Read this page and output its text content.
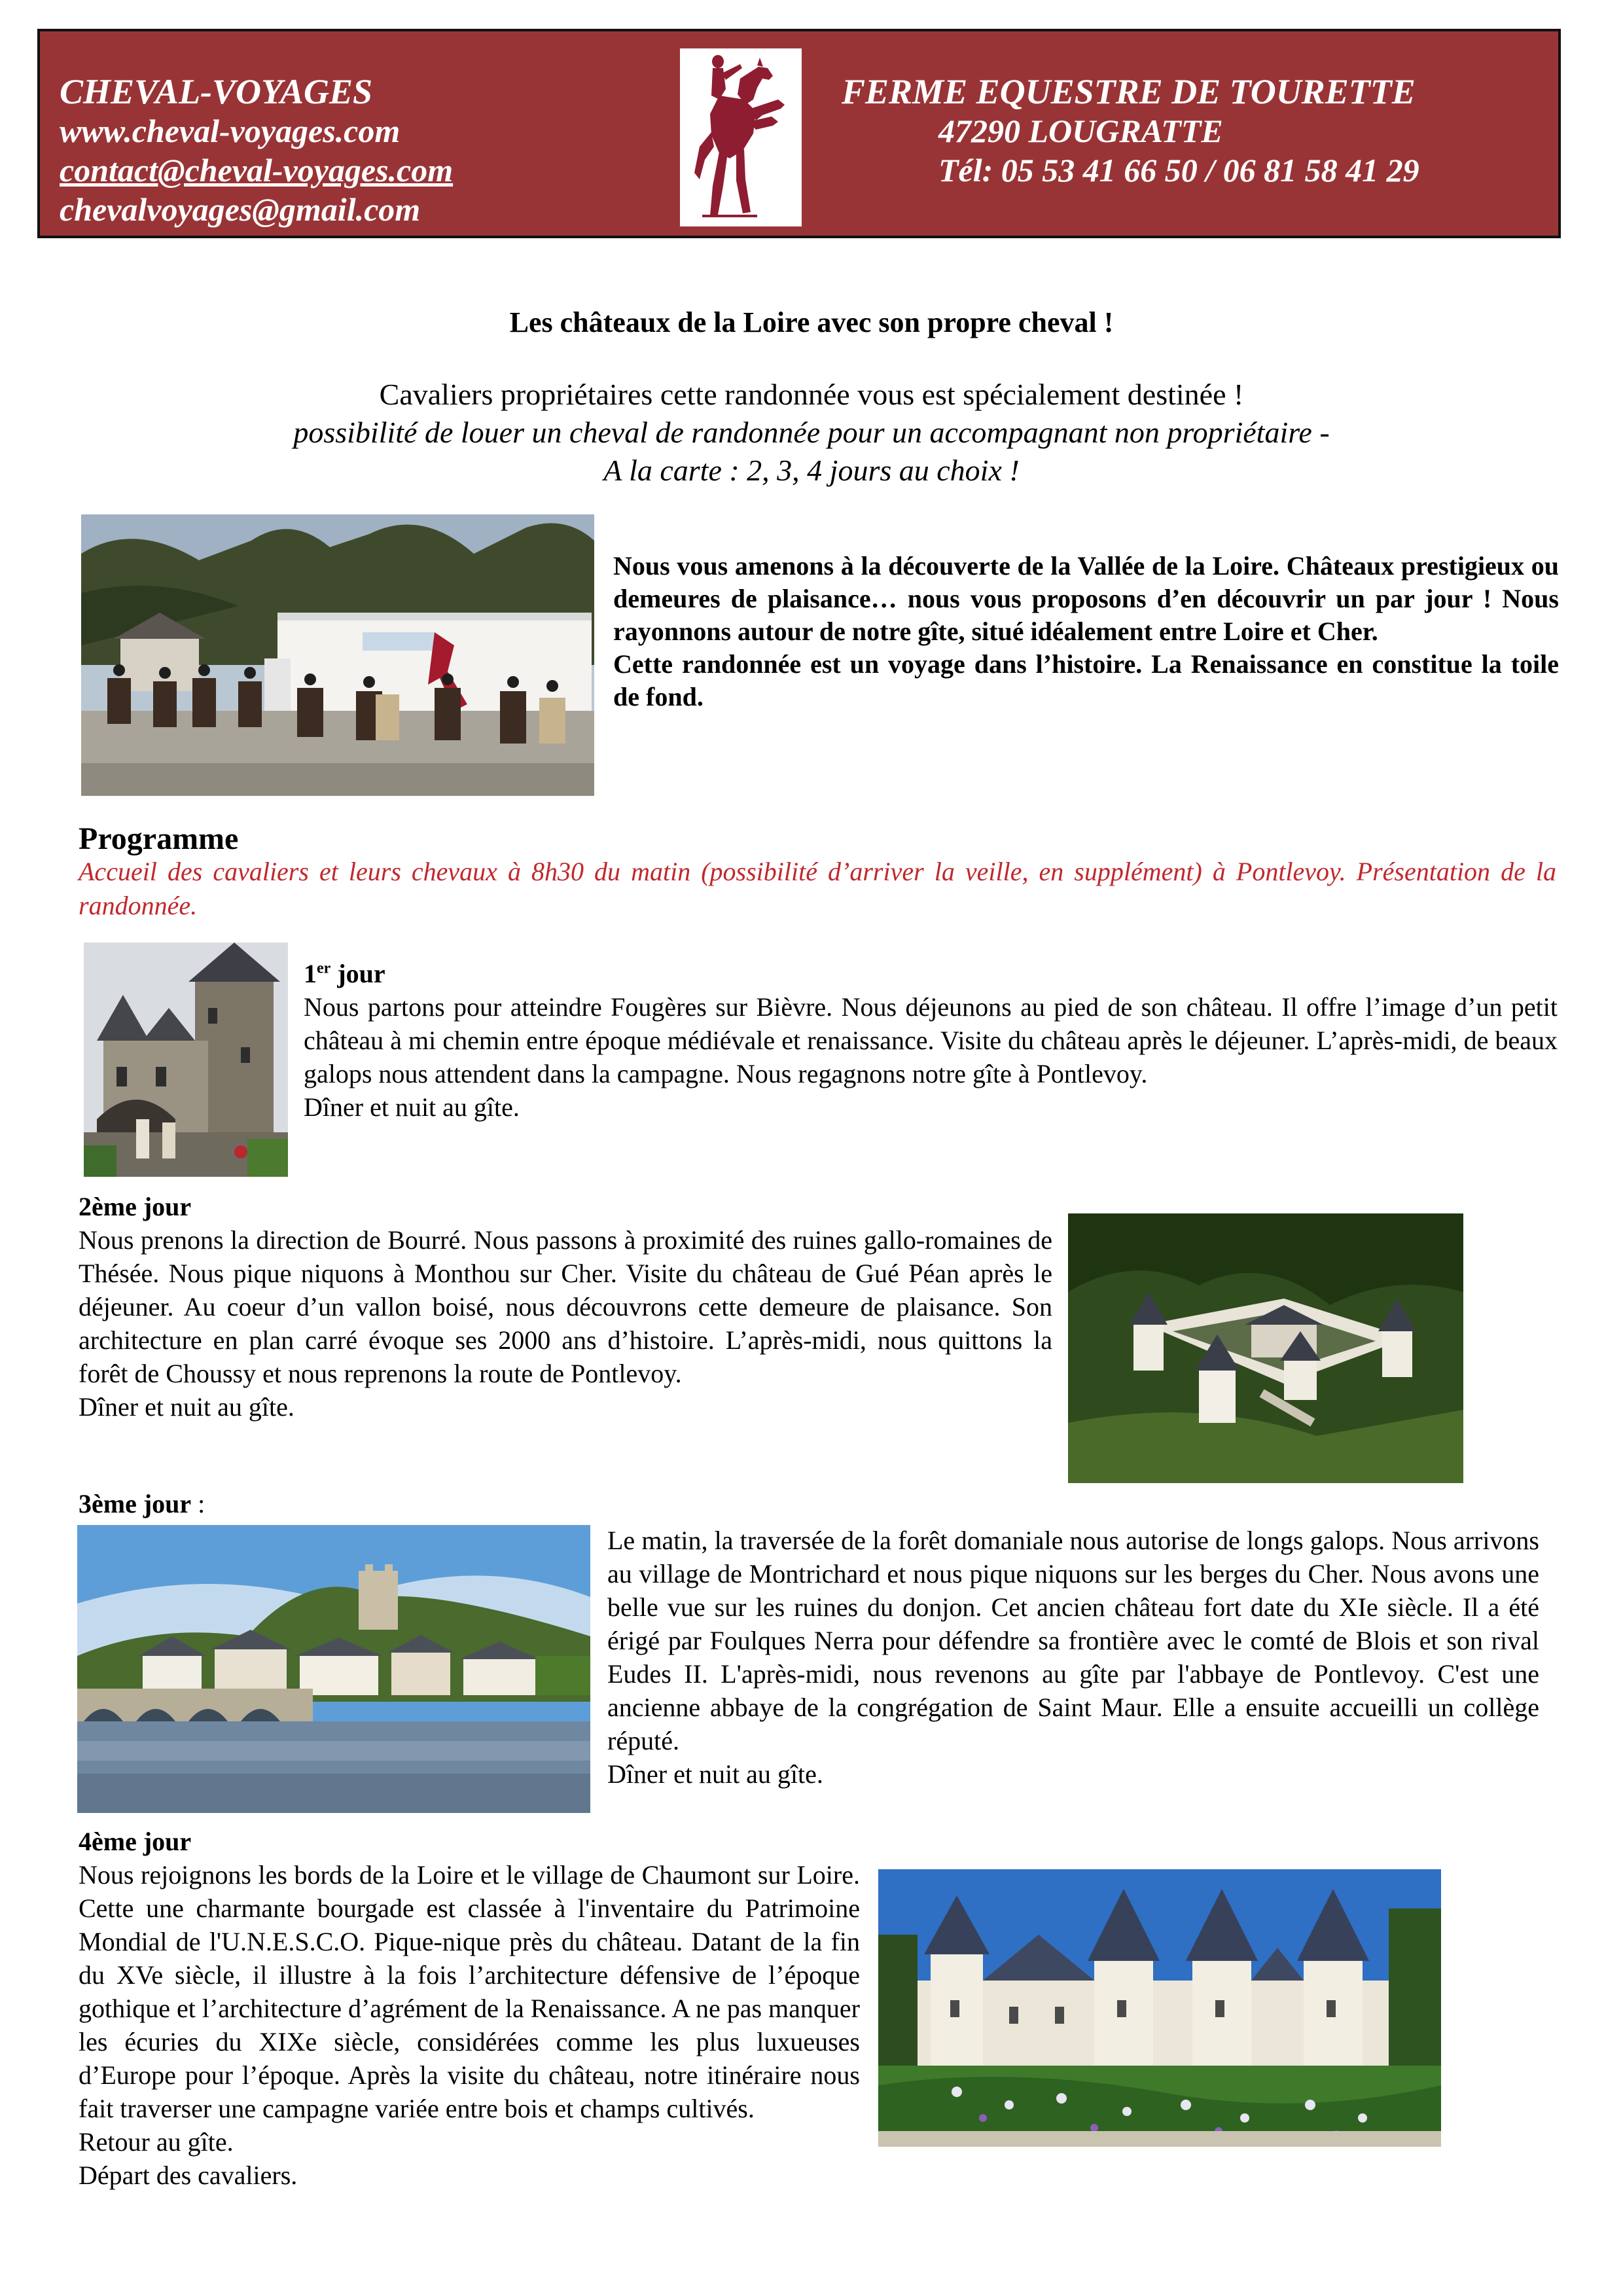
CHEVAL-VOYAGES
www.cheval-voyages.com
contact@cheval-voyages.com
chevalvoyages@gmail.com
FERME EQUESTRE DE TOURETTE
47290 LOUGRATTE
Tél: 05 53 41 66 50 / 06 81 58 41 29
Les châteaux de la Loire avec son propre cheval !
Cavaliers propriétaires cette randonnée vous est spécialement destinée !
possibilité de louer un cheval de randonnée pour un accompagnant non propriétaire -
A la carte : 2, 3, 4 jours au choix !

Nous vous amenons à la découverte de la Vallée de la Loire. Châteaux prestigieux ou demeures de plaisance… nous vous proposons d’en découvrir un par jour ! Nous rayonnons autour de notre gîte, situé idéalement entre Loire et Cher.

Cette randonnée est un voyage dans l’histoire. La Renaissance en constitue la toile de fond.

Programme
Accueil des cavaliers et leurs chevaux à 8h30 du matin (possibilité d’arriver la veille, en supplément) à Pontlevoy. Présentation de la randonnée.

1er jour

Nous partons pour atteindre Fougères sur Bièvre. Nous déjeunons au pied de son château. Il offre l’image d’un petit château à mi chemin entre époque médiévale et renaissance. Visite du château après le déjeuner. L’après-midi, de beaux galops nous attendent dans la campagne. Nous regagnons notre gîte à Pontlevoy.

Dîner et nuit au gîte.

2ème jour

Nous prenons la direction de Bourré. Nous passons à proximité des ruines gallo-romaines de Thésée. Nous pique niquons à Monthou sur Cher. Visite du château de Gué Péan après le déjeuner. Au coeur d’un vallon boisé, nous découvrons cette demeure de plaisance. Son architecture en plan carré évoque ses 2000 ans d’histoire. L’après-midi, nous quittons la forêt de Choussy et nous reprenons la route de Pontlevoy.

Dîner et nuit au gîte.

3ème jour :

Le matin, la traversée de la forêt domaniale nous autorise de longs galops. Nous arrivons au village de Montrichard et nous pique niquons sur les berges du Cher. Nous avons une belle vue sur les ruines du donjon. Cet ancien château fort date du XIe siècle. Il a été érigé par Foulques Nerra pour défendre sa frontière avec le comté de Blois et son rival Eudes II. L'après-midi, nous revenons au gîte par l'abbaye de Pontlevoy. C'est une ancienne abbaye de la congrégation de Saint Maur. Elle a ensuite accueilli un collège réputé.

Dîner et nuit au gîte.

4ème jour

Nous rejoignons les bords de la Loire et le village de Chaumont sur Loire. Cette une charmante bourgade est classée à l'inventaire du Patrimoine Mondial de l'U.N.E.S.C.O. Pique-nique près du château. Datant de la fin du XVe siècle, il illustre à la fois l’architecture défensive de l’époque gothique et l’architecture d’agrément de la Renaissance. A ne pas manquer les écuries du XIXe siècle, considérées comme les plus luxueuses d’Europe pour l’époque. Après la visite du château, notre itinéraire nous fait traverser une campagne variée entre bois et champs cultivés.

Retour au gîte.

Départ des cavaliers.
